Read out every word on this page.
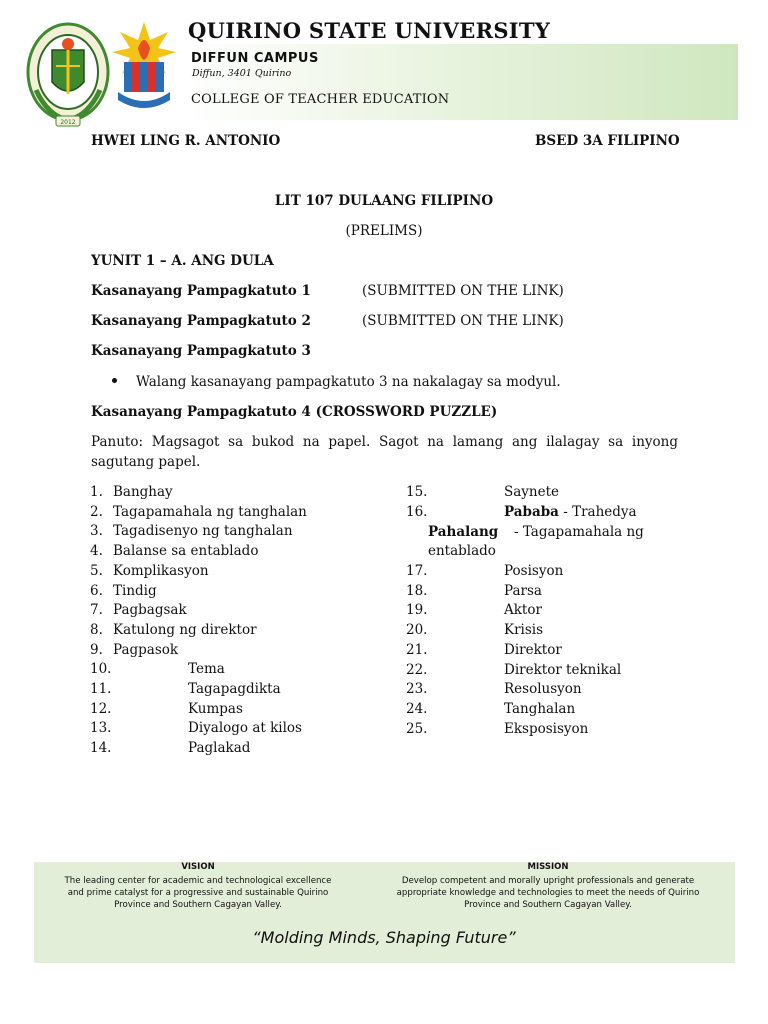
2012
QUIRINO STATE UNIVERSITY
DIFFUN CAMPUS
Diffun, 3401 Quirino
COLLEGE OF TEACHER EDUCATION
HWEI LING R. ANTONIO	BSED 3A FILIPINO
LIT 107 DULAANG FILIPINO
(PRELIMS)
YUNIT 1 – A. ANG DULA
Kasanayang Pampagkatuto 1	(SUBMITTED ON THE LINK)
Kasanayang Pampagkatuto 2	(SUBMITTED ON THE LINK)
Kasanayang Pampagkatuto 3
Walang kasanayang pampagkatuto 3 na nakalagay sa modyul.
Kasanayang Pampagkatuto 4 (CROSSWORD PUZZLE)
Panuto: Magsagot sa bukod na papel. Sagot na lamang ang ilalagay sa inyong
sagutang papel.
1. Banghay
2. Tagapamahala ng tanghalan
3. Tagadisenyo ng tanghalan
4. Balanse sa entablado
5. Komplikasyon
6. Tindig
7. Pagbagsak
8. Katulong ng direktor
9. Pagpasok
10.	Tema
11.	Tagapagdikta
12.	Kumpas
13.	Diyalogo at kilos
14.	Paglakad
15.	Saynete
16.	Pababa - Trahedya
Pahalang - Tagapamahala ng
entablado
17.	Posisyon
18.	Parsa
19.	Aktor
20.	Krisis
21.	Direktor
22.	Direktor teknikal
23.	Resolusyon
24.	Tanghalan
25.	Eksposisyon
VISION
The leading center for academic and technological excellence
and prime catalyst for a progressive and sustainable Quirino
Province and Southern Cagayan Valley.
MISSION
Develop competent and morally upright professionals and generate
appropriate knowledge and technologies to meet the needs of Quirino
Province and Southern Cagayan Valley.
“Molding Minds, Shaping Future”
